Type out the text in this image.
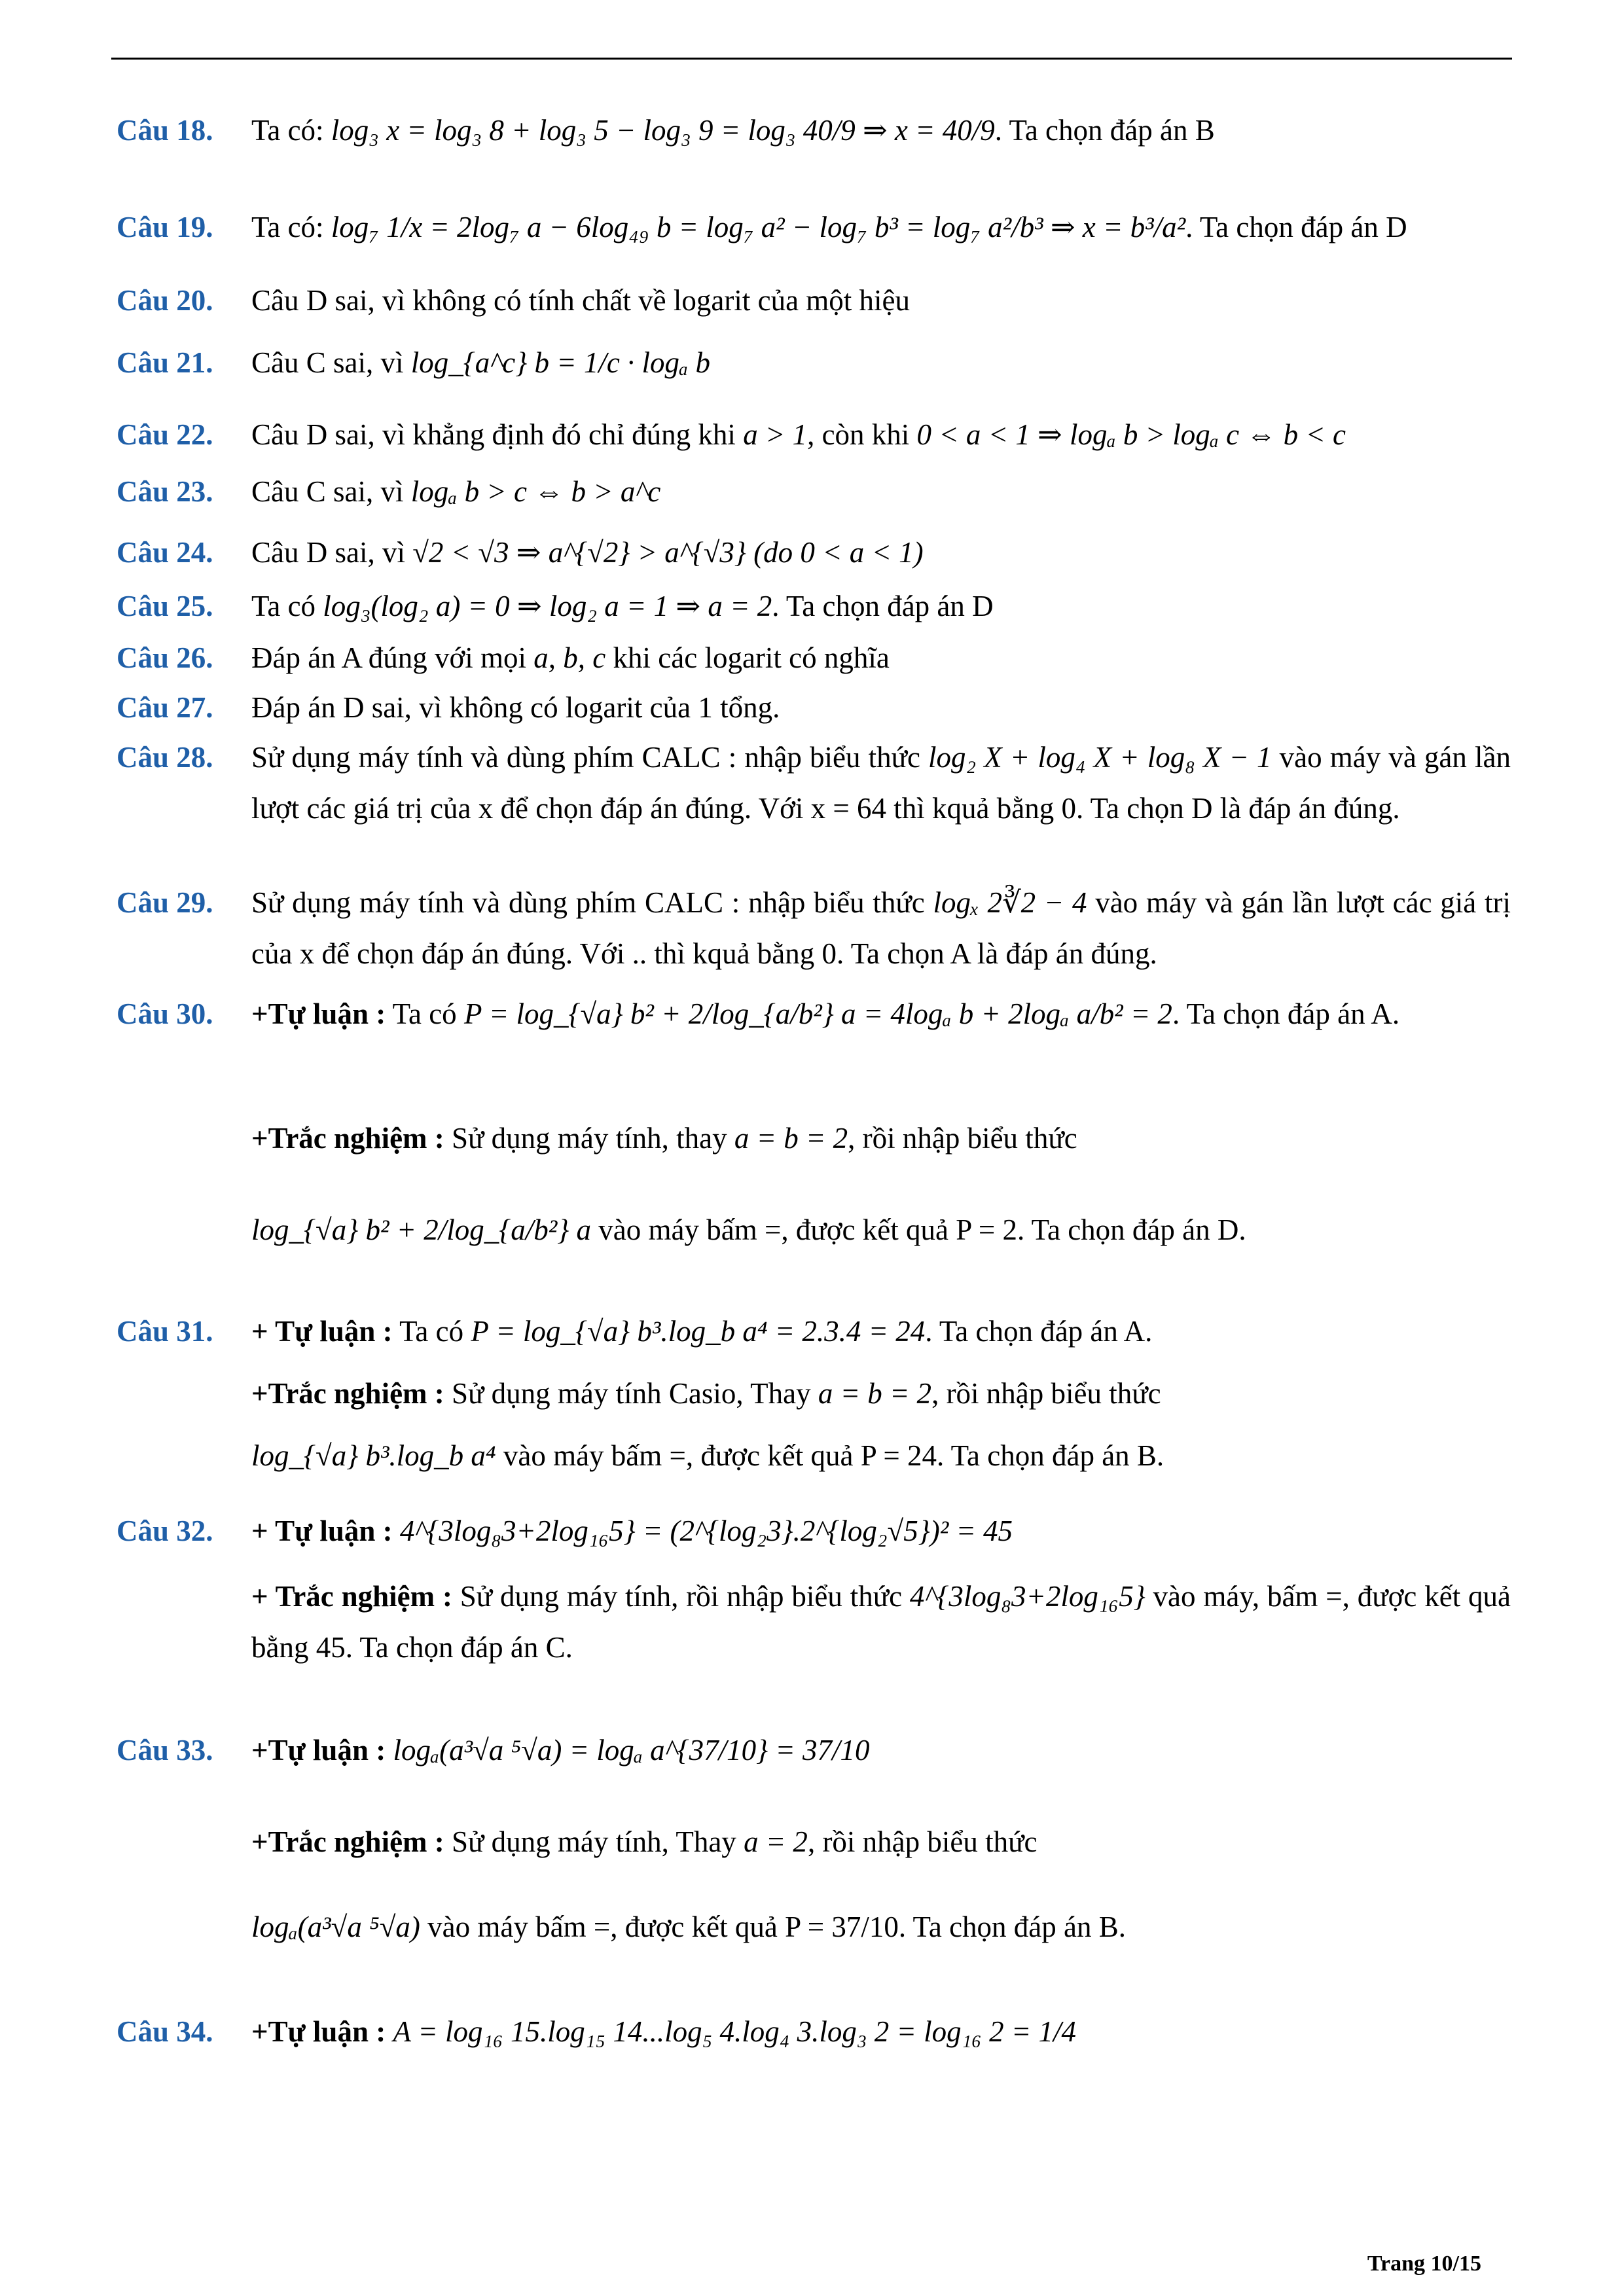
Câu 18. Ta có: log₃ x = log₃ 8 + log₃ 5 − log₃ 9 = log₃ 40/9 ⇒ x = 40/9. Ta chọn đáp án B

Câu 19. Ta có: log₇ 1/x = 2log₇ a − 6log₄₉ b = log₇ a² − log₇ b³ = log₇ a²/b³ ⇒ x = b³/a². Ta chọn đáp án D

Câu 20. Câu D sai, vì không có tính chất về logarit của một hiệu

Câu 21. Câu C sai, vì log_{a^c} b = 1/c · logₐ b

Câu 22. Câu D sai, vì khẳng định đó chỉ đúng khi a > 1, còn khi

0 < a < 1 ⇒ logₐ b > logₐ c ⇔ b < c

Câu 23. Câu C sai, vì logₐ b > c ⇔ b > a^c

Câu 24. Câu D sai, vì √2 < √3 ⇒ a^{√2} > a^{√3} (do 0 < a < 1)

Câu 25. Ta có log₃(log₂ a) = 0 ⇒ log₂ a = 1 ⇒ a = 2. Ta chọn đáp án D

Câu 26. Đáp án A đúng với mọi a, b, c khi các logarit có nghĩa

Câu 27. Đáp án D sai, vì không có logarit của 1 tổng.

Câu 28. Sử dụng máy tính và dùng phím CALC : nhập biểu thức log₂ X + log₄ X + log₈ X − 1 vào máy và gán lần lượt các giá trị của x để chọn đáp án đúng. Với x = 64 thì kquả bằng 0. Ta chọn D là đáp án đúng.

Câu 29. Sử dụng máy tính và dùng phím CALC : nhập biểu thức logₓ 2∛2 − 4 vào máy và gán lần lượt các giá trị của x để chọn đáp án đúng. Với .. thì kquả bằng 0. Ta chọn A là đáp án đúng.

Câu 30. +Tự luận : Ta có P = log_{√a} b² + 2/log_{a/b²} a = 4logₐ b + 2logₐ a/b² = 2. Ta chọn đáp án A.

+Trắc nghiệm : Sử dụng máy tính, thay a = b = 2, rồi nhập biểu thức

log_{√a} b² + 2/log_{a/b²} a vào máy bấm =, được kết quả P = 2. Ta chọn đáp án D.

Câu 31. + Tự luận : Ta có P = log_{√a} b³.log_b a⁴ = 2.3.4 = 24. Ta chọn đáp án A.

+Trắc nghiệm : Sử dụng máy tính Casio, Thay a = b = 2, rồi nhập biểu thức

log_{√a} b³.log_b a⁴ vào máy bấm =, được kết quả P = 24. Ta chọn đáp án B.

Câu 32. + Tự luận : 4^{3log₈3+2log₁₆5} = (2^{log₂3}.2^{log₂√5})² = 45

+ Trắc nghiệm : Sử dụng máy tính, rồi nhập biểu thức 4^{3log₈3+2log₁₆5} vào máy, bấm =, được kết quả bằng 45. Ta chọn đáp án C.

Câu 33. +Tự luận : logₐ(a³√a ⁵√a) = logₐ a^{37/10} = 37/10

+Trắc nghiệm : Sử dụng máy tính, Thay a = 2, rồi nhập biểu thức

logₐ(a³√a ⁵√a) vào máy bấm =, được kết quả P = 37/10. Ta chọn đáp án B.

Câu 34. +Tự luận : A = log₁₆ 15.log₁₅ 14...log₅ 4.log₄ 3.log₃ 2 = log₁₆ 2 = 1/4

Trang 10/15
